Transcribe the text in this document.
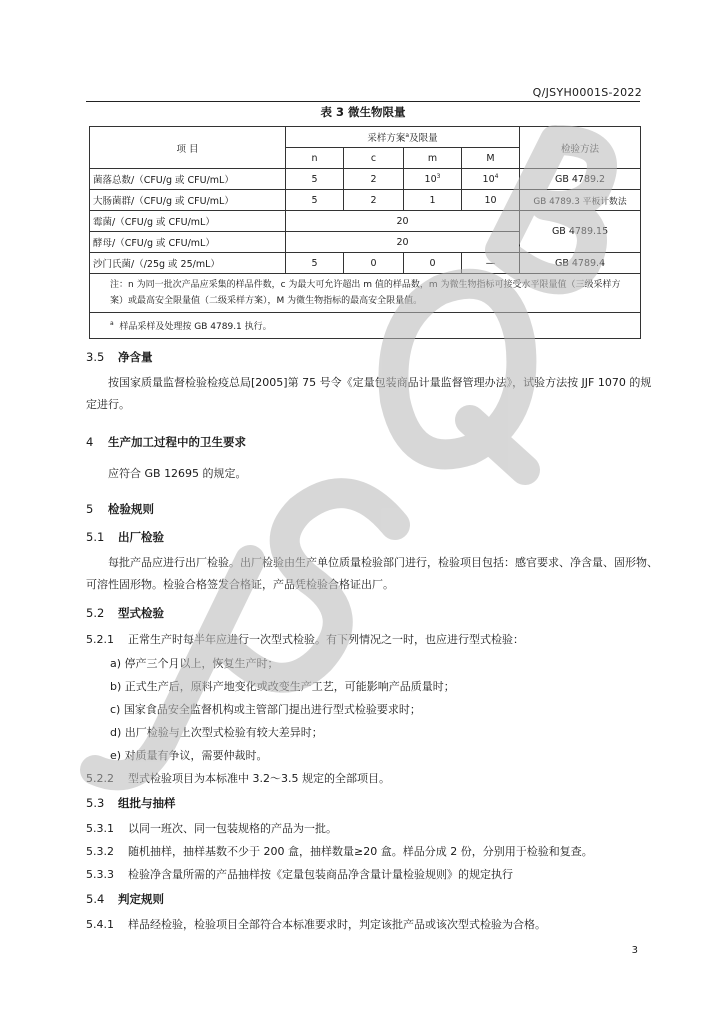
Q/JSYH0001S-2022
表 3 微生物限量
项 目	采样方案$^a$及限量				检验方法
	n	c	m	M	
菌落总数/（CFU/g 或 CFU/mL）	5	2	$10^3$	$10^4$	GB 4789.2
大肠菌群/（CFU/g 或 CFU/mL）	5	2	1	10	GB 4789.3 平板计数法
霉菌/（CFU/g 或 CFU/mL）	20				GB 4789.15
酵母/（CFU/g 或 CFU/mL）	20				
沙门氏菌/（/25g 或 25/mL）	5	0	0	—	GB 4789.4
注：n 为同一批次产品应采集的样品件数，c 为最大可允许超出 m 值的样品数，m 为微生物指标可接受水平限量值（三级采样方案）或最高安全限量值（二级采样方案），M 为微生物指标的最高安全限量值。					
$^a$ 样品采样及处理按 GB 4789.1 执行。					
3.5 净含量
按国家质量监督检验检疫总局[2005]第 75 号令《定量包装商品计量监督管理办法》，试验方法按 JJF 1070 的规定进行。
4 生产加工过程中的卫生要求
应符合 GB 12695 的规定。
5 检验规则
5.1 出厂检验
每批产品应进行出厂检验。出厂检验由生产单位质量检验部门进行，检验项目包括：感官要求、净含量、固形物、可溶性固形物。检验合格签发合格证，产品凭检验合格证出厂。
5.2 型式检验
5.2.1 正常生产时每半年应进行一次型式检验。有下列情况之一时，也应进行型式检验：
a) 停产三个月以上，恢复生产时；
b) 正式生产后，原料产地变化或改变生产工艺，可能影响产品质量时；
c) 国家食品安全监督机构或主管部门提出进行型式检验要求时；
d) 出厂检验与上次型式检验有较大差异时；
e) 对质量有争议，需要仲裁时。
5.2.2 型式检验项目为本标准中 3.2～3.5 规定的全部项目。
5.3 组批与抽样
5.3.1 以同一班次、同一包装规格的产品为一批。
5.3.2 随机抽样，抽样基数不少于 200 盒，抽样数量≥20 盒。样品分成 2 份，分别用于检验和复查。
5.3.3 检验净含量所需的产品抽样按《定量包装商品净含量计量检验规则》的规定执行
5.4 判定规则
5.4.1 样品经检验，检验项目全部符合本标准要求时，判定该批产品或该次型式检验为合格。
3
